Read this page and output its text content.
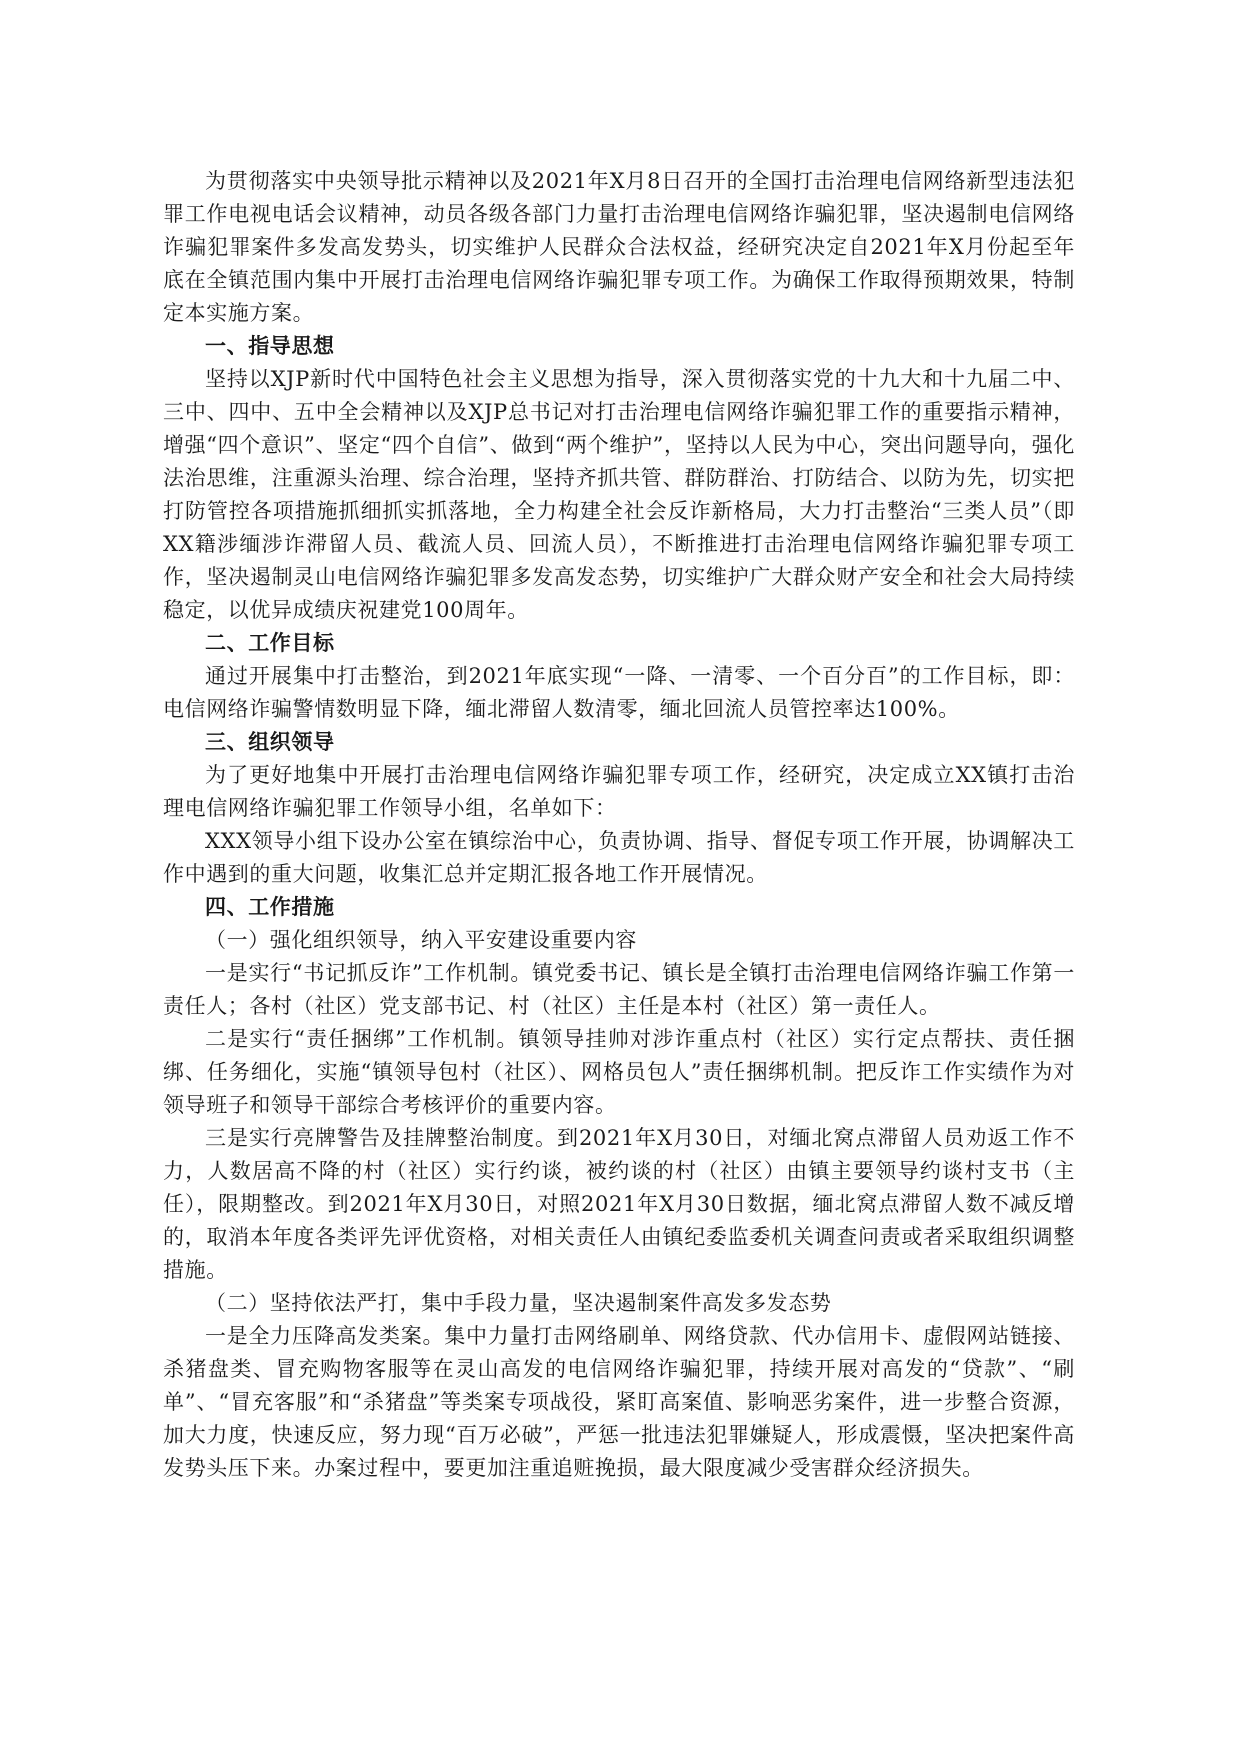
为贯彻落实中央领导批示精神以及2021年X月8日召开的全国打击治理电信网络新型违法犯罪工作电视电话会议精神，动员各级各部门力量打击治理电信网络诈骗犯罪，坚决遏制电信网络诈骗犯罪案件多发高发势头，切实维护人民群众合法权益，经研究决定自2021年X月份起至年底在全镇范围内集中开展打击治理电信网络诈骗犯罪专项工作。为确保工作取得预期效果，特制定本实施方案。

一、指导思想

坚持以XJP新时代中国特色社会主义思想为指导，深入贯彻落实党的十九大和十九届二中、三中、四中、五中全会精神以及XJP总书记对打击治理电信网络诈骗犯罪工作的重要指示精神，增强“四个意识”、坚定“四个自信”、做到“两个维护”，坚持以人民为中心，突出问题导向，强化法治思维，注重源头治理、综合治理，坚持齐抓共管、群防群治、打防结合、以防为先，切实把打防管控各项措施抓细抓实抓落地，全力构建全社会反诈新格局，大力打击整治“三类人员”（即XX籍涉缅涉诈滞留人员、截流人员、回流人员），不断推进打击治理电信网络诈骗犯罪专项工作，坚决遏制灵山电信网络诈骗犯罪多发高发态势，切实维护广大群众财产安全和社会大局持续稳定，以优异成绩庆祝建党100周年。

二、工作目标

通过开展集中打击整治，到2021年底实现“一降、一清零、一个百分百”的工作目标，即：电信网络诈骗警情数明显下降，缅北滞留人数清零，缅北回流人员管控率达100%。

三、组织领导

为了更好地集中开展打击治理电信网络诈骗犯罪专项工作，经研究，决定成立XX镇打击治理电信网络诈骗犯罪工作领导小组，名单如下：

XXX领导小组下设办公室在镇综治中心，负责协调、指导、督促专项工作开展，协调解决工作中遇到的重大问题，收集汇总并定期汇报各地工作开展情况。

四、工作措施

（一）强化组织领导，纳入平安建设重要内容

一是实行“书记抓反诈”工作机制。镇党委书记、镇长是全镇打击治理电信网络诈骗工作第一责任人；各村（社区）党支部书记、村（社区）主任是本村（社区）第一责任人。

二是实行“责任捆绑”工作机制。镇领导挂帅对涉诈重点村（社区）实行定点帮扶、责任捆绑、任务细化，实施“镇领导包村（社区）、网格员包人”责任捆绑机制。把反诈工作实绩作为对领导班子和领导干部综合考核评价的重要内容。

三是实行亮牌警告及挂牌整治制度。到2021年X月30日，对缅北窝点滞留人员劝返工作不力，人数居高不降的村（社区）实行约谈，被约谈的村（社区）由镇主要领导约谈村支书（主任），限期整改。到2021年X月30日，对照2021年X月30日数据，缅北窝点滞留人数不减反增的，取消本年度各类评先评优资格，对相关责任人由镇纪委监委机关调查问责或者采取组织调整措施。

（二）坚持依法严打，集中手段力量，坚决遏制案件高发多发态势

一是全力压降高发类案。集中力量打击网络刷单、网络贷款、代办信用卡、虚假网站链接、杀猪盘类、冒充购物客服等在灵山高发的电信网络诈骗犯罪，持续开展对高发的“贷款”、“刷单”、“冒充客服”和“杀猪盘”等类案专项战役，紧盯高案值、影响恶劣案件，进一步整合资源，加大力度，快速反应，努力现“百万必破”，严惩一批违法犯罪嫌疑人，形成震慑，坚决把案件高发势头压下来。办案过程中，要更加注重追赃挽损，最大限度减少受害群众经济损失。
